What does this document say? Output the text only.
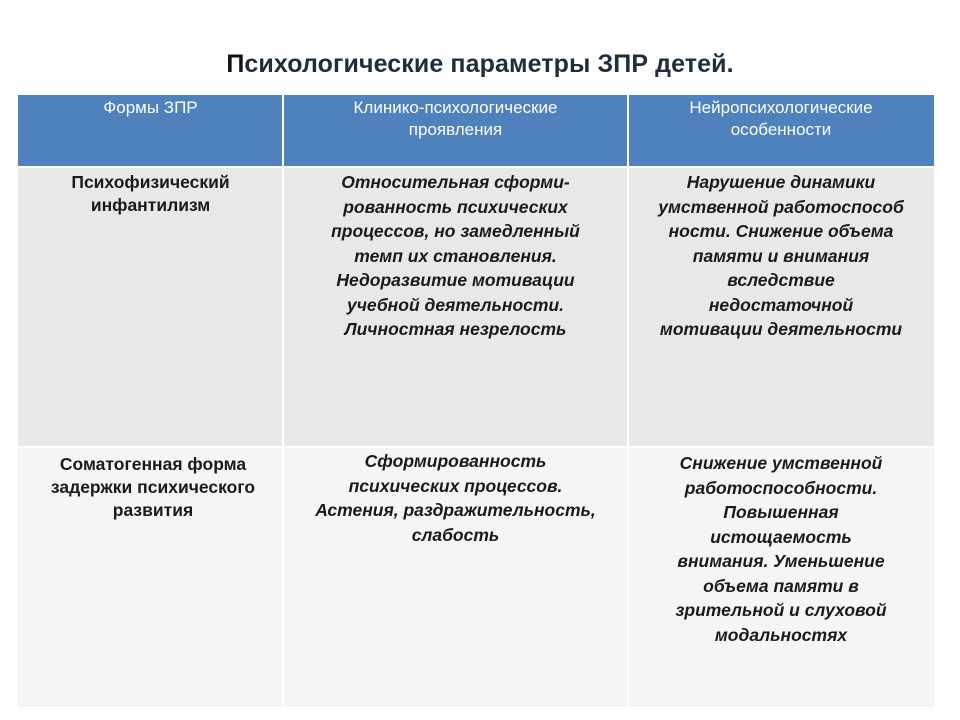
Психологические параметры ЗПР детей.
Формы ЗПР	Клинико-психологические проявления
Нейропсихологические особенности
Психофизический инфантилизм
Относительная сформи-
рованность психических
процессов, но замедленный
темп их становления.
Недоразвитие мотивации
учебной деятельности.
Личностная незрелость
Нарушение динамики
умственной работоспособ
ности. Снижение объема
памяти и внимания
вследствие
недостаточной
мотивации деятельности
Соматогенная форма задержки психического развития
Сформированность
психических процессов.
Астения, раздражительность,
слабость
Снижение умственной
работоспособности.
Повышенная
истощаемость
внимания. Уменьшение
объема памяти в
зрительной и слуховой
модальностях
